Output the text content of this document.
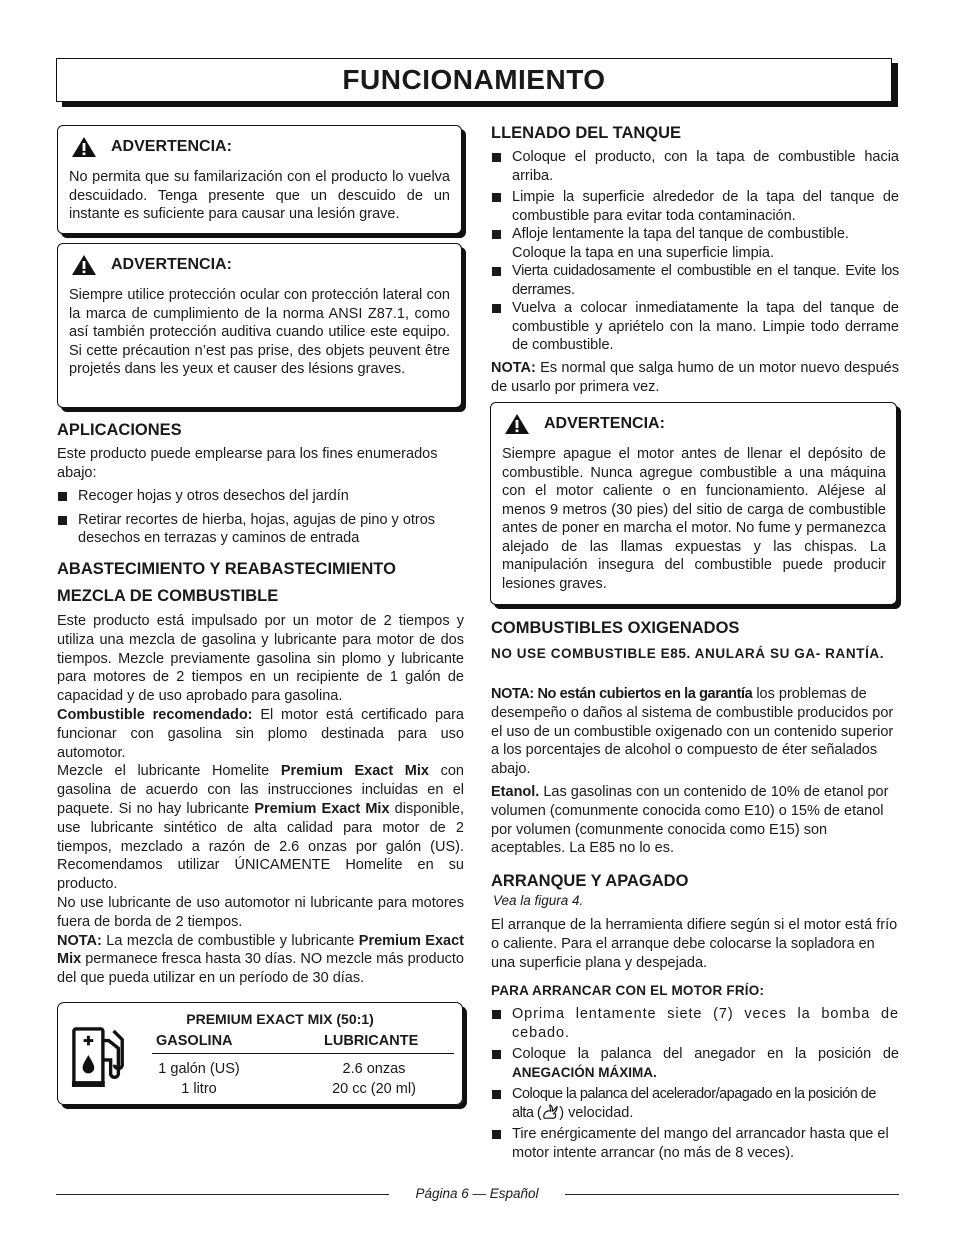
FUNCIONAMIENTO
ADVERTENCIA:
No permita que su familarización con el producto lo vuelva descuidado. Tenga presente que un descuido de un instante es suficiente para causar una lesión grave.
ADVERTENCIA:
Siempre utilice protección ocular con protección lateral con la marca de cumplimiento de la norma ANSI Z87.1, como así también protección auditiva cuando utilice este equipo. Si cette précaution n’est pas prise, des objets peuvent être projetés dans les yeux et causer des lésions graves.
APLICACIONES
Este producto puede emplearse para los fines enumerados abajo:
Recoger hojas y otros desechos del jardín
Retirar recortes de hierba, hojas, agujas de pino y otros desechos en terrazas y caminos de entrada
ABASTECIMIENTO Y REABASTECIMIENTO
MEZCLA DE COMBUSTIBLE
Este producto está impulsado por un motor de 2 tiempos y utiliza una mezcla de gasolina y lubricante para motor de dos tiempos. Mezcle previamente gasolina sin plomo y lubricante para motores de 2 tiempos en un recipiente de 1 galón de capacidad y de uso aprobado para gasolina.
Combustible recomendado: El motor está certificado para funcionar con gasolina sin plomo destinada para uso automotor.
Mezcle el lubricante Homelite Premium Exact Mix con gasolina de acuerdo con las instrucciones incluidas en el paquete. Si no hay lubricante Premium Exact Mix disponible, use lubricante sintético de alta calidad para motor de 2 tiempos, mezclado a razón de 2.6 onzas por galón (US). Recomendamos utilizar ÚNICAMENTE Homelite en su producto.
No use lubricante de uso automotor ni lubricante para motores fuera de borda de 2 tiempos.
NOTA: La mezcla de combustible y lubricante Premium Exact Mix permanece fresca hasta 30 días. NO mezcle más producto del que pueda utilizar en un período de 30 días.
PREMIUM EXACT MIX (50:1)
GASOLINA	LUBRICANTE
1 galón (US)
1 litro
2.6 onzas
20 cc (20 ml)
LLENADO DEL TANQUE
Coloque el producto, con la tapa de combustible hacia arriba.
Limpie la superficie alrededor de la tapa del tanque de combustible para evitar toda contaminación.
Afloje lentamente la tapa del tanque de combustible. Coloque la tapa en una superficie limpia.
Vierta cuidadosamente el combustible en el tanque. Evite los derrames.
Vuelva a colocar inmediatamente la tapa del tanque de combustible y apriételo con la mano. Limpie todo derrame de combustible.
NOTA: Es normal que salga humo de un motor nuevo después de usarlo por primera vez.
ADVERTENCIA:
Siempre apague el motor antes de llenar el depósito de combustible. Nunca agregue combustible a una máquina con el motor caliente o en funcionamiento. Aléjese al menos 9 metros (30 pies) del sitio de carga de combustible antes de poner en marcha el motor. No fume y permanezca alejado de las llamas expuestas y las chispas. La manipulación insegura del combustible puede producir lesiones graves.
COMBUSTIBLES OXIGENADOS
NO USE COMBUSTIBLE E85. ANULARÁ SU GA- RANTÍA.
NOTA: No están cubiertos en la garantía los problemas de desempeño o daños al sistema de combustible producidos por el uso de un combustible oxigenado con un contenido superior a los porcentajes de alcohol o compuesto de éter señalados abajo.
Etanol. Las gasolinas con un contenido de 10% de etanol por volumen (comunmente conocida como E10) o 15% de etanol por volumen (comunmente conocida como E15) son aceptables. La E85 no lo es.
ARRANQUE Y APAGADO
Vea la figura 4.
El arranque de la herramienta difiere según si el motor está frío o caliente. Para el arranque debe colocarse la sopladora en una superficie plana y despejada.
PARA ARRANCAR CON EL MOTOR FRÍO:
Oprima lentamente siete (7) veces la bomba de cebado.
Coloque la palanca del anegador en la posición de ANEGACIÓN MÁXIMA.
Coloque la palanca del acelerador/apagado en la posición de alta ( ) velocidad.
Tire enérgicamente del mango del arrancador hasta que el motor intente arrancar (no más de 8 veces).
Página 6 — Español
